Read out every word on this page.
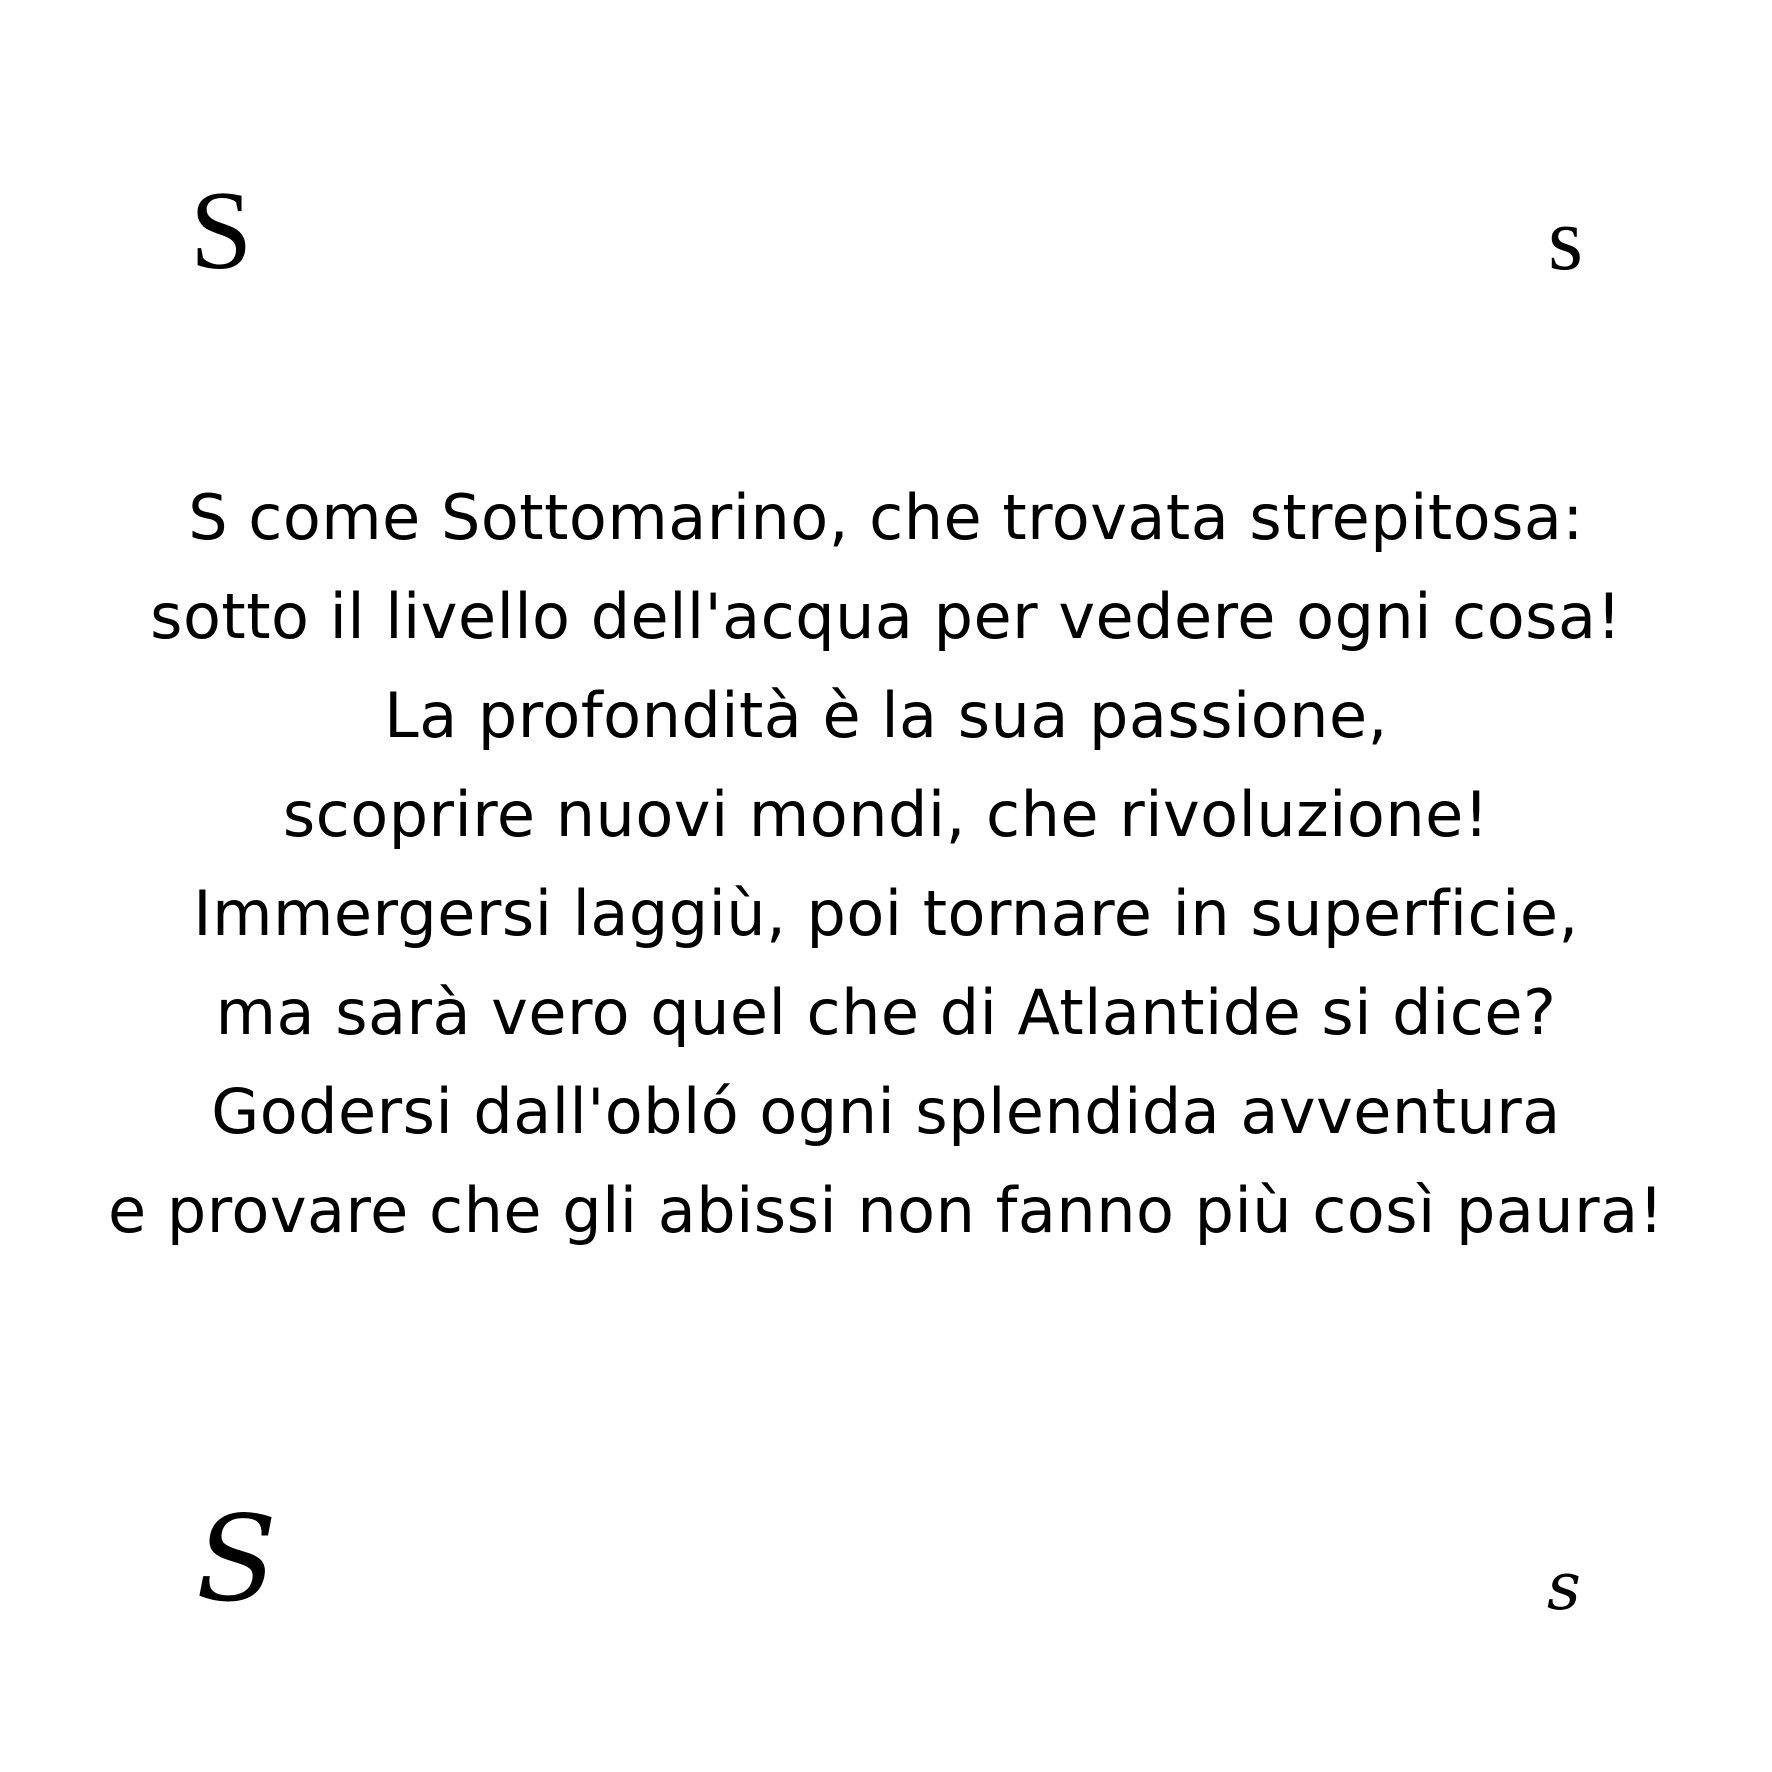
S	s
S come Sottomarino, che trovata strepitosa:
sotto il livello dell'acqua per vedere ogni cosa!
La profondità è la sua passione,
scoprire nuovi mondi, che rivoluzione!
Immergersi laggiù, poi tornare in superficie,
ma sarà vero quel che di Atlantide si dice?
Godersi dall'obló ogni splendida avventura
e provare che gli abissi non fanno più così paura!
S	s
